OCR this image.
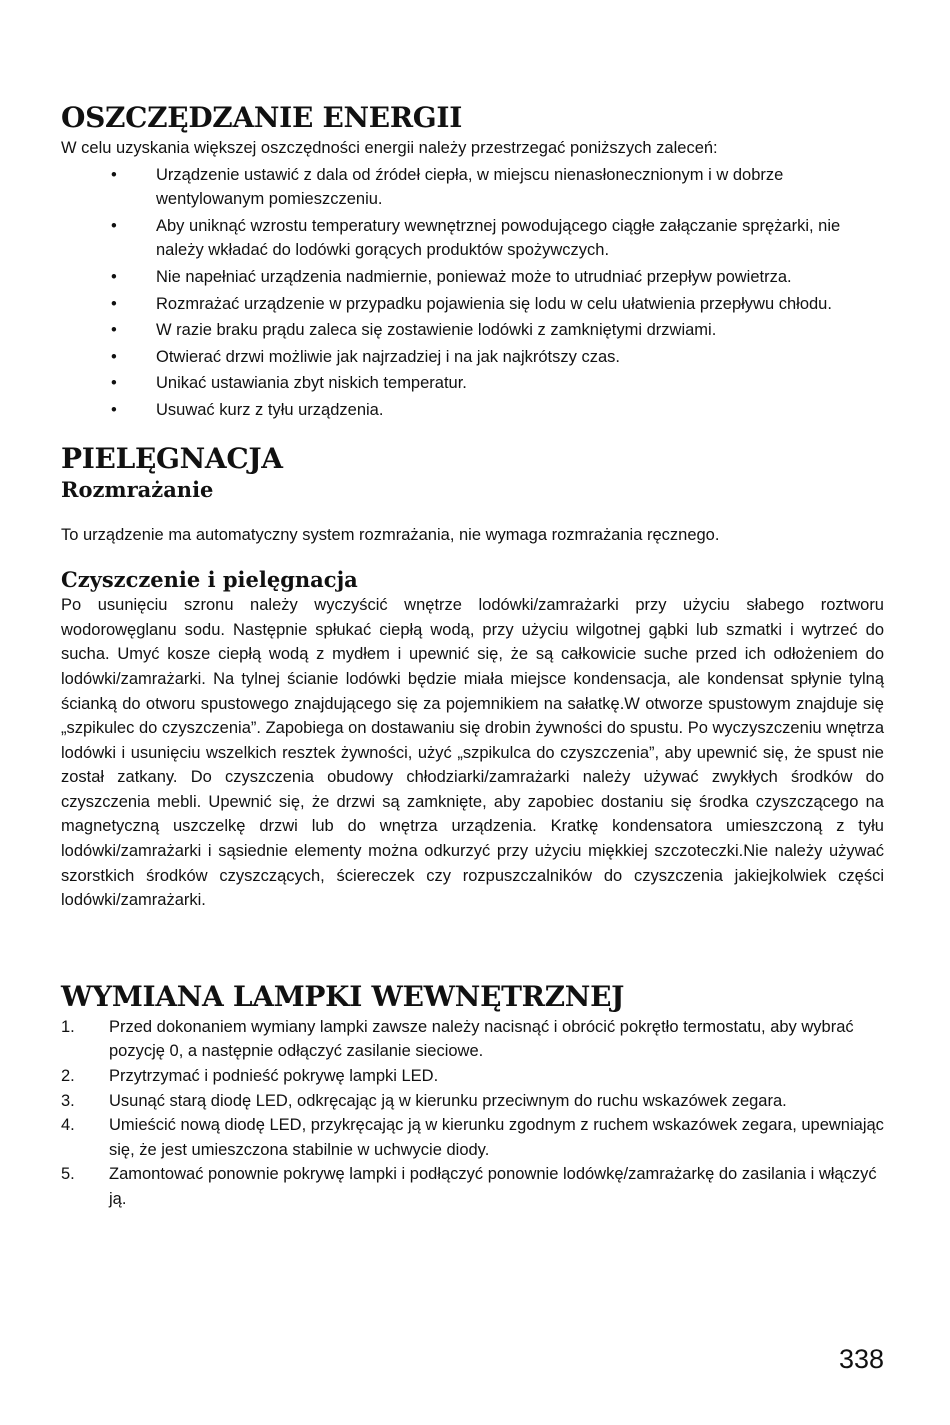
OSZCZĘDZANIE ENERGII

W celu uzyskania większej oszczędności energii należy przestrzegać poniższych zaleceń:

• Urządzenie ustawić z dala od źródeł ciepła, w miejscu nienasłonecznionym i w dobrze wentylowanym pomieszczeniu.
• Aby uniknąć wzrostu temperatury wewnętrznej powodującego ciągłe załączanie sprężarki, nie należy wkładać do lodówki gorących produktów spożywczych.
• Nie napełniać urządzenia nadmiernie, ponieważ może to utrudniać przepływ powietrza.
• Rozmrażać urządzenie w przypadku pojawienia się lodu w celu ułatwienia przepływu chłodu.
• W razie braku prądu zaleca się zostawienie lodówki z zamkniętymi drzwiami.
• Otwierać drzwi możliwie jak najrzadziej i na jak najkrótszy czas.
• Unikać ustawiania zbyt niskich temperatur.
• Usuwać kurz z tyłu urządzenia.
PIELĘGNACJA
Rozmrażanie

To urządzenie ma automatyczny system rozmrażania, nie wymaga rozmrażania ręcznego.

Czyszczenie i pielęgnacja

Po usunięciu szronu należy wyczyścić wnętrze lodówki/zamrażarki przy użyciu słabego roztworu wodorowęglanu sodu. Następnie spłukać ciepłą wodą, przy użyciu wilgotnej gąbki lub szmatki i wytrzeć do sucha. Umyć kosze ciepłą wodą z mydłem i upewnić się, że są całkowicie suche przed ich odłożeniem do lodówki/zamrażarki. Na tylnej ścianie lodówki będzie miała miejsce kondensacja, ale kondensat spłynie tylną ścianką do otworu spustowego znajdującego się za pojemnikiem na sałatkę.W otworze spustowym znajduje się „szpikulec do czyszczenia”. Zapobiega on dostawaniu się drobin żywności do spustu. Po wyczyszczeniu wnętrza lodówki i usunięciu wszelkich resztek żywności, użyć „szpikulca do czyszczenia”, aby upewnić się, że spust nie został zatkany. Do czyszczenia obudowy chłodziarki/zamrażarki należy używać zwykłych środków do czyszczenia mebli. Upewnić się, że drzwi są zamknięte, aby zapobiec dostaniu się środka czyszczącego na magnetyczną uszczelkę drzwi lub do wnętrza urządzenia. Kratkę kondensatora umieszczoną z tyłu lodówki/zamrażarki i sąsiednie elementy można odkurzyć przy użyciu miękkiej szczoteczki.Nie należy używać szorstkich środków czyszczących, ściereczek czy rozpuszczalników do czyszczenia jakiejkolwiek części lodówki/zamrażarki.

WYMIANA LAMPKI WEWNĘTRZNEJ
1. Przed dokonaniem wymiany lampki zawsze należy nacisnąć i obrócić pokrętło termostatu, aby wybrać pozycję 0, a następnie odłączyć zasilanie sieciowe.
2. Przytrzymać i podnieść pokrywę lampki LED.
3. Usunąć starą diodę LED, odkręcając ją w kierunku przeciwnym do ruchu wskazówek zegara.
4. Umieścić nową diodę LED, przykręcając ją w kierunku zgodnym z ruchem wskazówek zegara, upewniając się, że jest umieszczona stabilnie w uchwycie diody.
5. Zamontować ponownie pokrywę lampki i podłączyć ponownie lodówkę/zamrażarkę do zasilania i włączyć ją.
338
